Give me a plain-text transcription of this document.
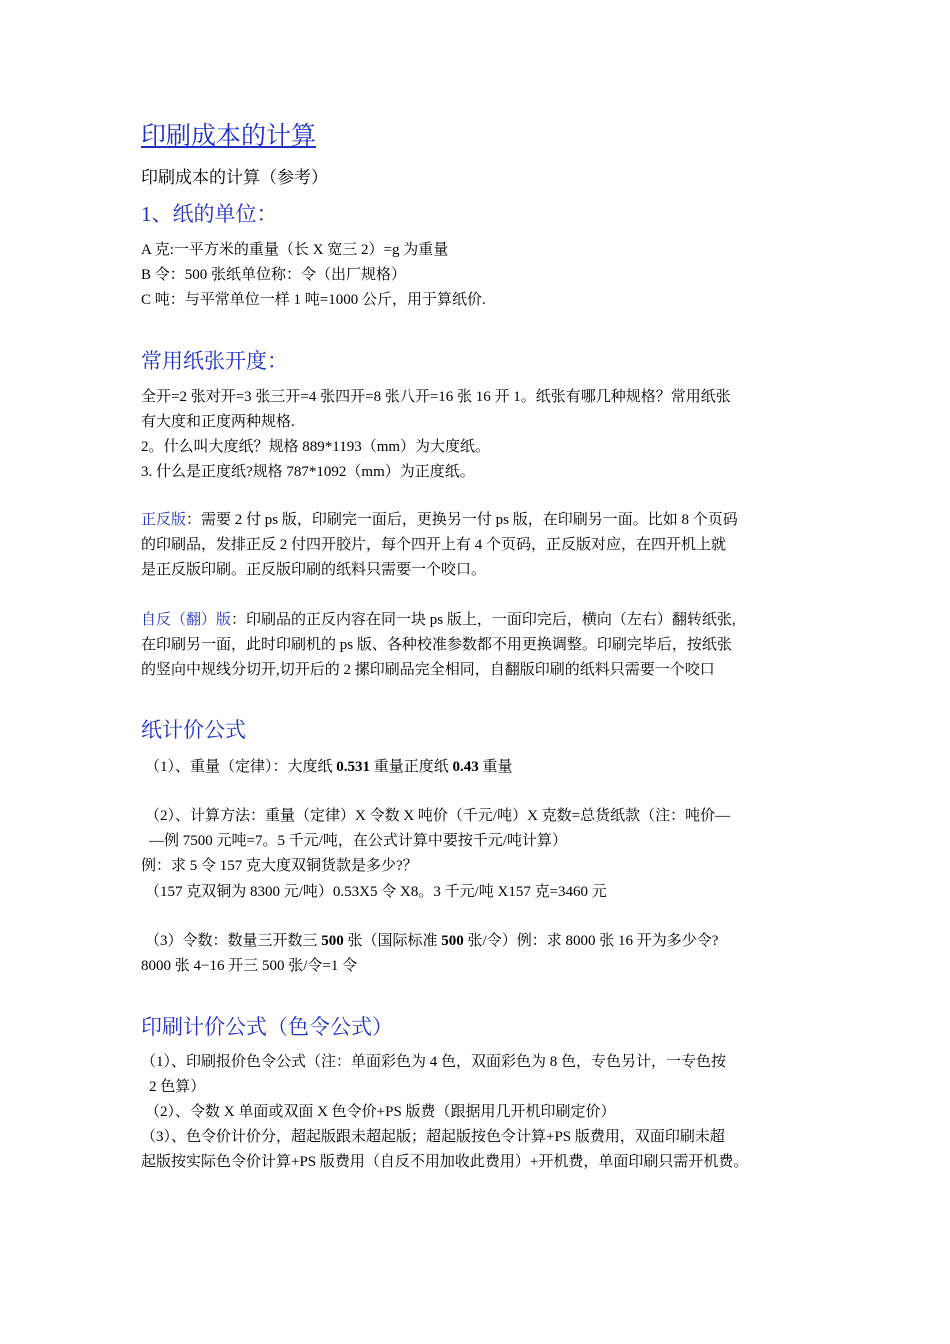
印刷成本的计算
印刷成本的计算（参考）
1、纸的单位：
A 克:一平方米的重量（长 X 宽三 2）=g 为重量
B 令：500 张纸单位称：令（出厂规格）
C 吨：与平常单位一样 1 吨=1000 公斤，用于算纸价.
常用纸张开度：
全开=2 张对开=3 张三开=4 张四开=8 张八开=16 张 16 开 1。纸张有哪几种规格？常用纸张
有大度和正度两种规格.
2。什么叫大度纸？规格 889*1193（mm）为大度纸。
3. 什么是正度纸?规格 787*1092（mm）为正度纸。
正反版：需要 2 付 ps 版，印刷完一面后，更换另一付 ps 版，在印刷另一面。比如 8 个页码
的印刷品，发排正反 2 付四开胶片，每个四开上有 4 个页码，正反版对应，在四开机上就
是正反版印刷。正反版印刷的纸料只需要一个咬口。
自反（翻）版：印刷品的正反内容在同一块 ps 版上，一面印完后，横向（左右）翻转纸张,
在印刷另一面，此时印刷机的 ps 版、各种校准参数都不用更换调整。印刷完毕后，按纸张
的竖向中规线分切开,切开后的 2 摞印刷品完全相同，自翻版印刷的纸料只需要一个咬口
纸计价公式
（1）、重量（定律）：大度纸 0.531 重量正度纸 0.43 重量
（2）、计算方法：重量（定律）X 令数 X 吨价（千元/吨）X 克数=总货纸款（注：吨价—
—例 7500 元吨=7。5 千元/吨，在公式计算中要按千元/吨计算）
例：求 5 令 157 克大度双铜货款是多少?？
（157 克双铜为 8300 元/吨）0.53X5 令 X8。3 千元/吨 X157 克=3460 元
（3）令数：数量三开数三 500 张（国际标准 500 张/令）例：求 8000 张 16 开为多少令?
8000 张 4−16 开三 500 张/令=1 令
印刷计价公式（色令公式）
（1）、印刷报价色令公式（注：单面彩色为 4 色，双面彩色为 8 色，专色另计，一专色按
2 色算）
（2）、令数 X 单面或双面 X 色令价+PS 版费（跟据用几开机印刷定价）
（3）、色令价计价分，超起版跟未超起版；超起版按色令计算+PS 版费用，双面印刷未超
起版按实际色令价计算+PS 版费用（自反不用加收此费用）+开机费，单面印刷只需开机费。
